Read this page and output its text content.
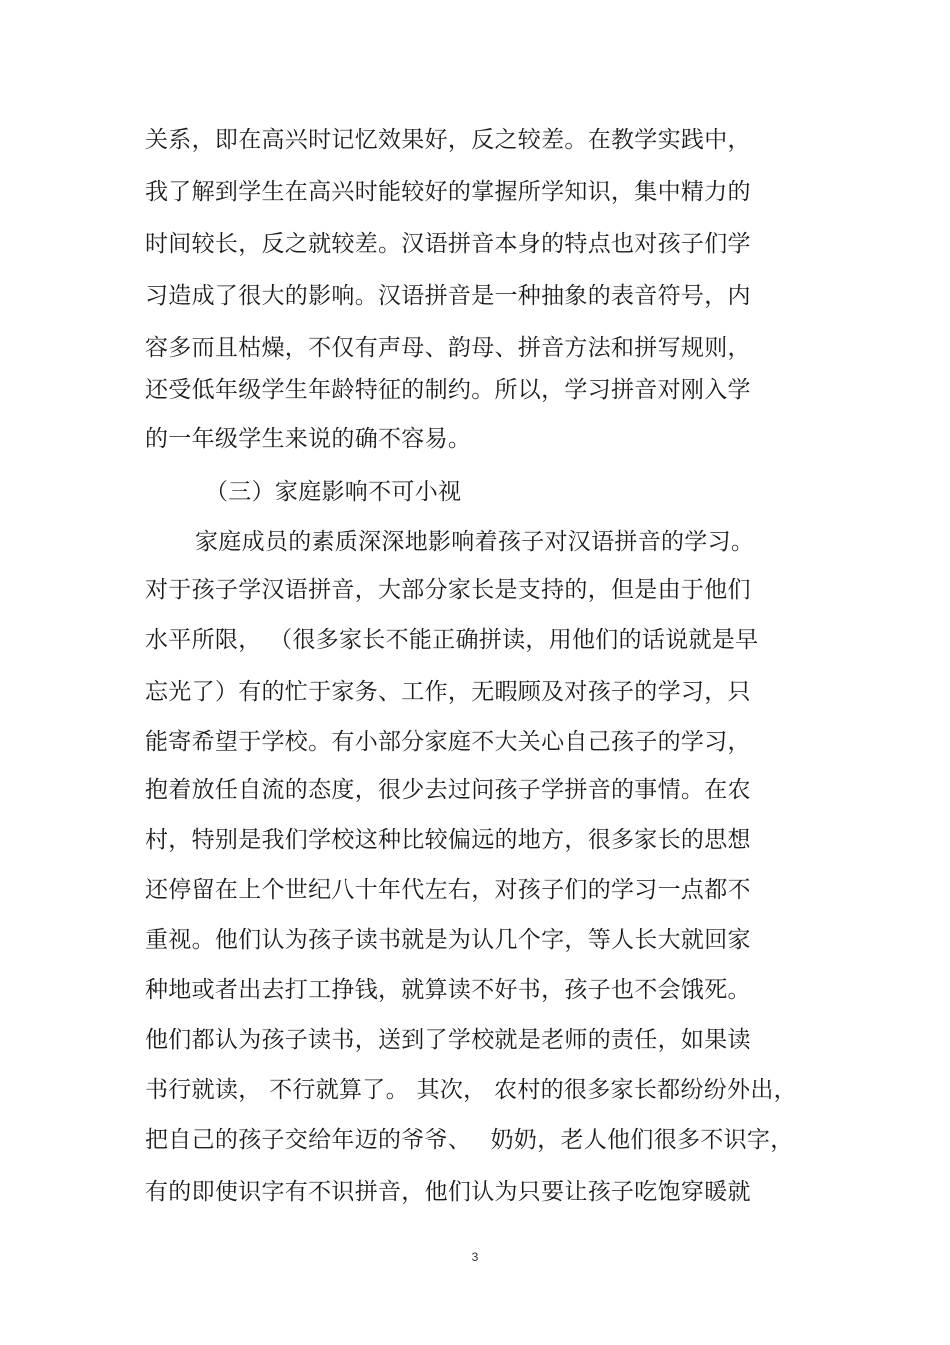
关系，即在高兴时记忆效果好，反之较差。在教学实践中，
我了解到学生在高兴时能较好的掌握所学知识，集中精力的
时间较长，反之就较差。汉语拼音本身的特点也对孩子们学
习造成了很大的影响。汉语拼音是一种抽象的表音符号，内
容多而且枯燥，不仅有声母、韵母、拼音方法和拼写规则，
还受低年级学生年龄特征的制约。所以，学习拼音对刚入学
的一年级学生来说的确不容易。
（三）家庭影响不可小视
家庭成员的素质深深地影响着孩子对汉语拼音的学习。
对于孩子学汉语拼音，大部分家长是支持的，但是由于他们
水平所限， （很多家长不能正确拼读，用他们的话说就是早
忘光了）有的忙于家务、工作，无暇顾及对孩子的学习，只
能寄希望于学校。有小部分家庭不大关心自己孩子的学习，
抱着放任自流的态度，很少去过问孩子学拼音的事情。在农
村，特别是我们学校这种比较偏远的地方，很多家长的思想
还停留在上个世纪八十年代左右，对孩子们的学习一点都不
重视。他们认为孩子读书就是为认几个字，等人长大就回家
种地或者出去打工挣钱，就算读不好书，孩子也不会饿死。
他们都认为孩子读书，送到了学校就是老师的责任，如果读
书行就读， 不行就算了。 其次， 农村的很多家长都纷纷外出，
把自己的孩子交给年迈的爷爷、　 奶奶，老人他们很多不识字，
有的即使识字有不识拼音，他们认为只要让孩子吃饱穿暖就
3
